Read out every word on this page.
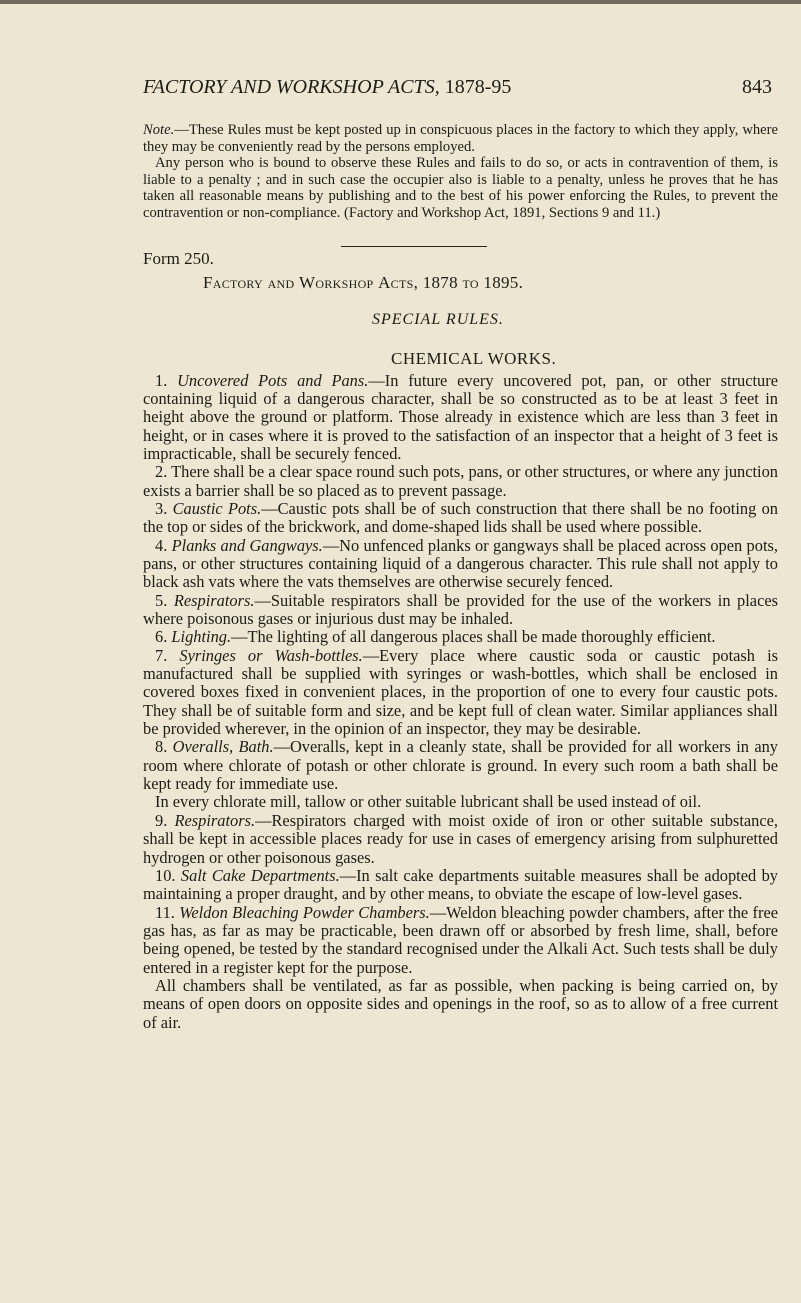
FACTORY AND WORKSHOP ACTS, 1878-95	843

Note.—These Rules must be kept posted up in conspicuous places in the factory to which they apply, where they may be conveniently read by the persons employed.

Any person who is bound to observe these Rules and fails to do so, or acts in contravention of them, is liable to a penalty ; and in such case the occupier also is liable to a penalty, unless he proves that he has taken all reasonable means by publishing and to the best of his power enforcing the Rules, to prevent the contravention or non-compliance. (Factory and Workshop Act, 1891, Sections 9 and 11.)

Form 250.
Factory and Workshop Acts, 1878 to 1895.
SPECIAL RULES.
CHEMICAL WORKS.

1. Uncovered Pots and Pans.—In future every uncovered pot, pan, or other structure containing liquid of a dangerous character, shall be so constructed as to be at least 3 feet in height above the ground or platform. Those already in existence which are less than 3 feet in height, or in cases where it is proved to the satisfaction of an inspector that a height of 3 feet is impracticable, shall be securely fenced.

2. There shall be a clear space round such pots, pans, or other structures, or where any junction exists a barrier shall be so placed as to prevent passage.

3. Caustic Pots.—Caustic pots shall be of such construction that there shall be no footing on the top or sides of the brickwork, and dome-shaped lids shall be used where possible.

4. Planks and Gangways.—No unfenced planks or gangways shall be placed across open pots, pans, or other structures containing liquid of a dangerous character. This rule shall not apply to black ash vats where the vats themselves are otherwise securely fenced.

5. Respirators.—Suitable respirators shall be provided for the use of the workers in places where poisonous gases or injurious dust may be inhaled.

6. Lighting.—The lighting of all dangerous places shall be made thoroughly efficient.

7. Syringes or Wash-bottles.—Every place where caustic soda or caustic potash is manufactured shall be supplied with syringes or wash-bottles, which shall be enclosed in covered boxes fixed in convenient places, in the proportion of one to every four caustic pots. They shall be of suitable form and size, and be kept full of clean water. Similar appliances shall be provided wherever, in the opinion of an inspector, they may be desirable.

8. Overalls, Bath.—Overalls, kept in a cleanly state, shall be provided for all workers in any room where chlorate of potash or other chlorate is ground. In every such room a bath shall be kept ready for immediate use.

In every chlorate mill, tallow or other suitable lubricant shall be used instead of oil.

9. Respirators.—Respirators charged with moist oxide of iron or other suitable substance, shall be kept in accessible places ready for use in cases of emergency arising from sulphuretted hydrogen or other poisonous gases.

10. Salt Cake Departments.—In salt cake departments suitable measures shall be adopted by maintaining a proper draught, and by other means, to obviate the escape of low-level gases.

11. Weldon Bleaching Powder Chambers.—Weldon bleaching powder chambers, after the free gas has, as far as may be practicable, been drawn off or absorbed by fresh lime, shall, before being opened, be tested by the standard recognised under the Alkali Act. Such tests shall be duly entered in a register kept for the purpose.

All chambers shall be ventilated, as far as possible, when packing is being carried on, by means of open doors on opposite sides and openings in the roof, so as to allow of a free current of air.
